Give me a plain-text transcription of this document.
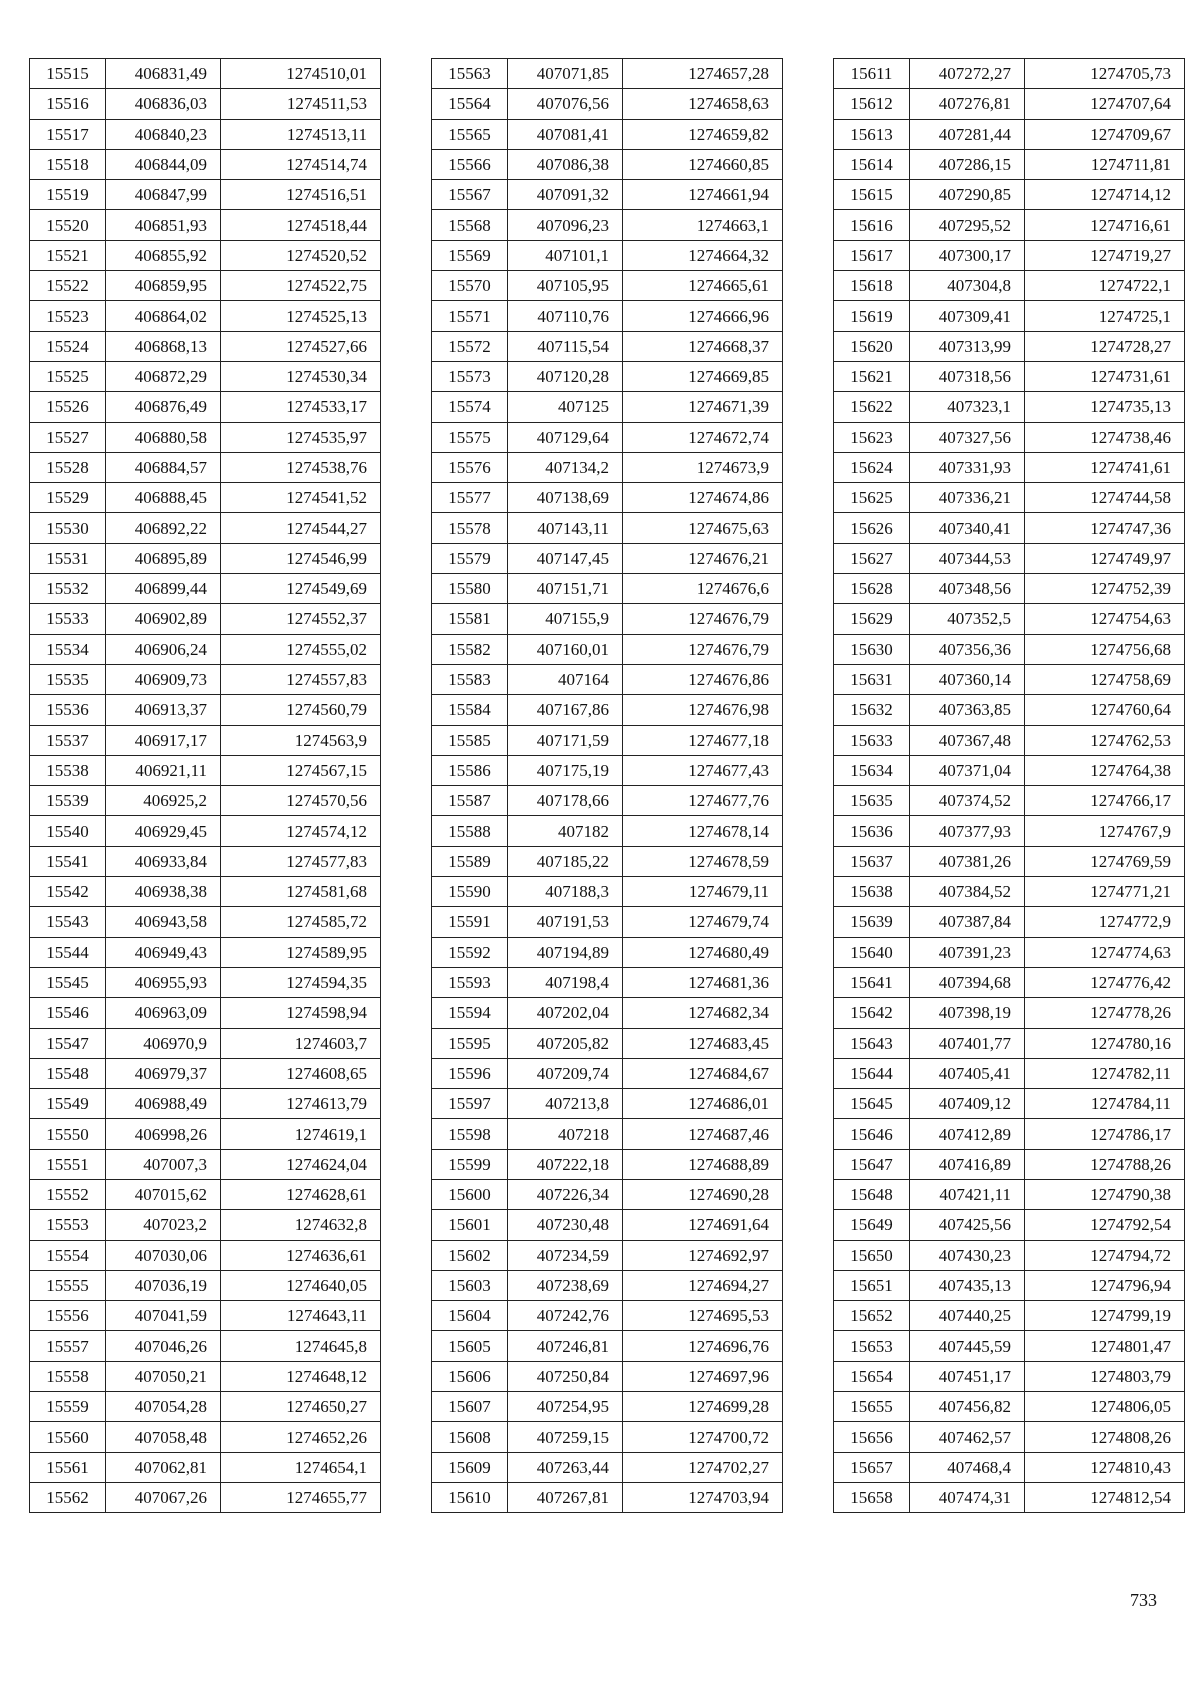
15515	406831,49	1274510,01
15516	406836,03	1274511,53
15517	406840,23	1274513,11
15518	406844,09	1274514,74
15519	406847,99	1274516,51
15520	406851,93	1274518,44
15521	406855,92	1274520,52
15522	406859,95	1274522,75
15523	406864,02	1274525,13
15524	406868,13	1274527,66
15525	406872,29	1274530,34
15526	406876,49	1274533,17
15527	406880,58	1274535,97
15528	406884,57	1274538,76
15529	406888,45	1274541,52
15530	406892,22	1274544,27
15531	406895,89	1274546,99
15532	406899,44	1274549,69
15533	406902,89	1274552,37
15534	406906,24	1274555,02
15535	406909,73	1274557,83
15536	406913,37	1274560,79
15537	406917,17	1274563,9
15538	406921,11	1274567,15
15539	406925,2	1274570,56
15540	406929,45	1274574,12
15541	406933,84	1274577,83
15542	406938,38	1274581,68
15543	406943,58	1274585,72
15544	406949,43	1274589,95
15545	406955,93	1274594,35
15546	406963,09	1274598,94
15547	406970,9	1274603,7
15548	406979,37	1274608,65
15549	406988,49	1274613,79
15550	406998,26	1274619,1
15551	407007,3	1274624,04
15552	407015,62	1274628,61
15553	407023,2	1274632,8
15554	407030,06	1274636,61
15555	407036,19	1274640,05
15556	407041,59	1274643,11
15557	407046,26	1274645,8
15558	407050,21	1274648,12
15559	407054,28	1274650,27
15560	407058,48	1274652,26
15561	407062,81	1274654,1
15562	407067,26	1274655,77
15563	407071,85	1274657,28
15564	407076,56	1274658,63
15565	407081,41	1274659,82
15566	407086,38	1274660,85
15567	407091,32	1274661,94
15568	407096,23	1274663,1
15569	407101,1	1274664,32
15570	407105,95	1274665,61
15571	407110,76	1274666,96
15572	407115,54	1274668,37
15573	407120,28	1274669,85
15574	407125	1274671,39
15575	407129,64	1274672,74
15576	407134,2	1274673,9
15577	407138,69	1274674,86
15578	407143,11	1274675,63
15579	407147,45	1274676,21
15580	407151,71	1274676,6
15581	407155,9	1274676,79
15582	407160,01	1274676,79
15583	407164	1274676,86
15584	407167,86	1274676,98
15585	407171,59	1274677,18
15586	407175,19	1274677,43
15587	407178,66	1274677,76
15588	407182	1274678,14
15589	407185,22	1274678,59
15590	407188,3	1274679,11
15591	407191,53	1274679,74
15592	407194,89	1274680,49
15593	407198,4	1274681,36
15594	407202,04	1274682,34
15595	407205,82	1274683,45
15596	407209,74	1274684,67
15597	407213,8	1274686,01
15598	407218	1274687,46
15599	407222,18	1274688,89
15600	407226,34	1274690,28
15601	407230,48	1274691,64
15602	407234,59	1274692,97
15603	407238,69	1274694,27
15604	407242,76	1274695,53
15605	407246,81	1274696,76
15606	407250,84	1274697,96
15607	407254,95	1274699,28
15608	407259,15	1274700,72
15609	407263,44	1274702,27
15610	407267,81	1274703,94
15611	407272,27	1274705,73
15612	407276,81	1274707,64
15613	407281,44	1274709,67
15614	407286,15	1274711,81
15615	407290,85	1274714,12
15616	407295,52	1274716,61
15617	407300,17	1274719,27
15618	407304,8	1274722,1
15619	407309,41	1274725,1
15620	407313,99	1274728,27
15621	407318,56	1274731,61
15622	407323,1	1274735,13
15623	407327,56	1274738,46
15624	407331,93	1274741,61
15625	407336,21	1274744,58
15626	407340,41	1274747,36
15627	407344,53	1274749,97
15628	407348,56	1274752,39
15629	407352,5	1274754,63
15630	407356,36	1274756,68
15631	407360,14	1274758,69
15632	407363,85	1274760,64
15633	407367,48	1274762,53
15634	407371,04	1274764,38
15635	407374,52	1274766,17
15636	407377,93	1274767,9
15637	407381,26	1274769,59
15638	407384,52	1274771,21
15639	407387,84	1274772,9
15640	407391,23	1274774,63
15641	407394,68	1274776,42
15642	407398,19	1274778,26
15643	407401,77	1274780,16
15644	407405,41	1274782,11
15645	407409,12	1274784,11
15646	407412,89	1274786,17
15647	407416,89	1274788,26
15648	407421,11	1274790,38
15649	407425,56	1274792,54
15650	407430,23	1274794,72
15651	407435,13	1274796,94
15652	407440,25	1274799,19
15653	407445,59	1274801,47
15654	407451,17	1274803,79
15655	407456,82	1274806,05
15656	407462,57	1274808,26
15657	407468,4	1274810,43
15658	407474,31	1274812,54
733
